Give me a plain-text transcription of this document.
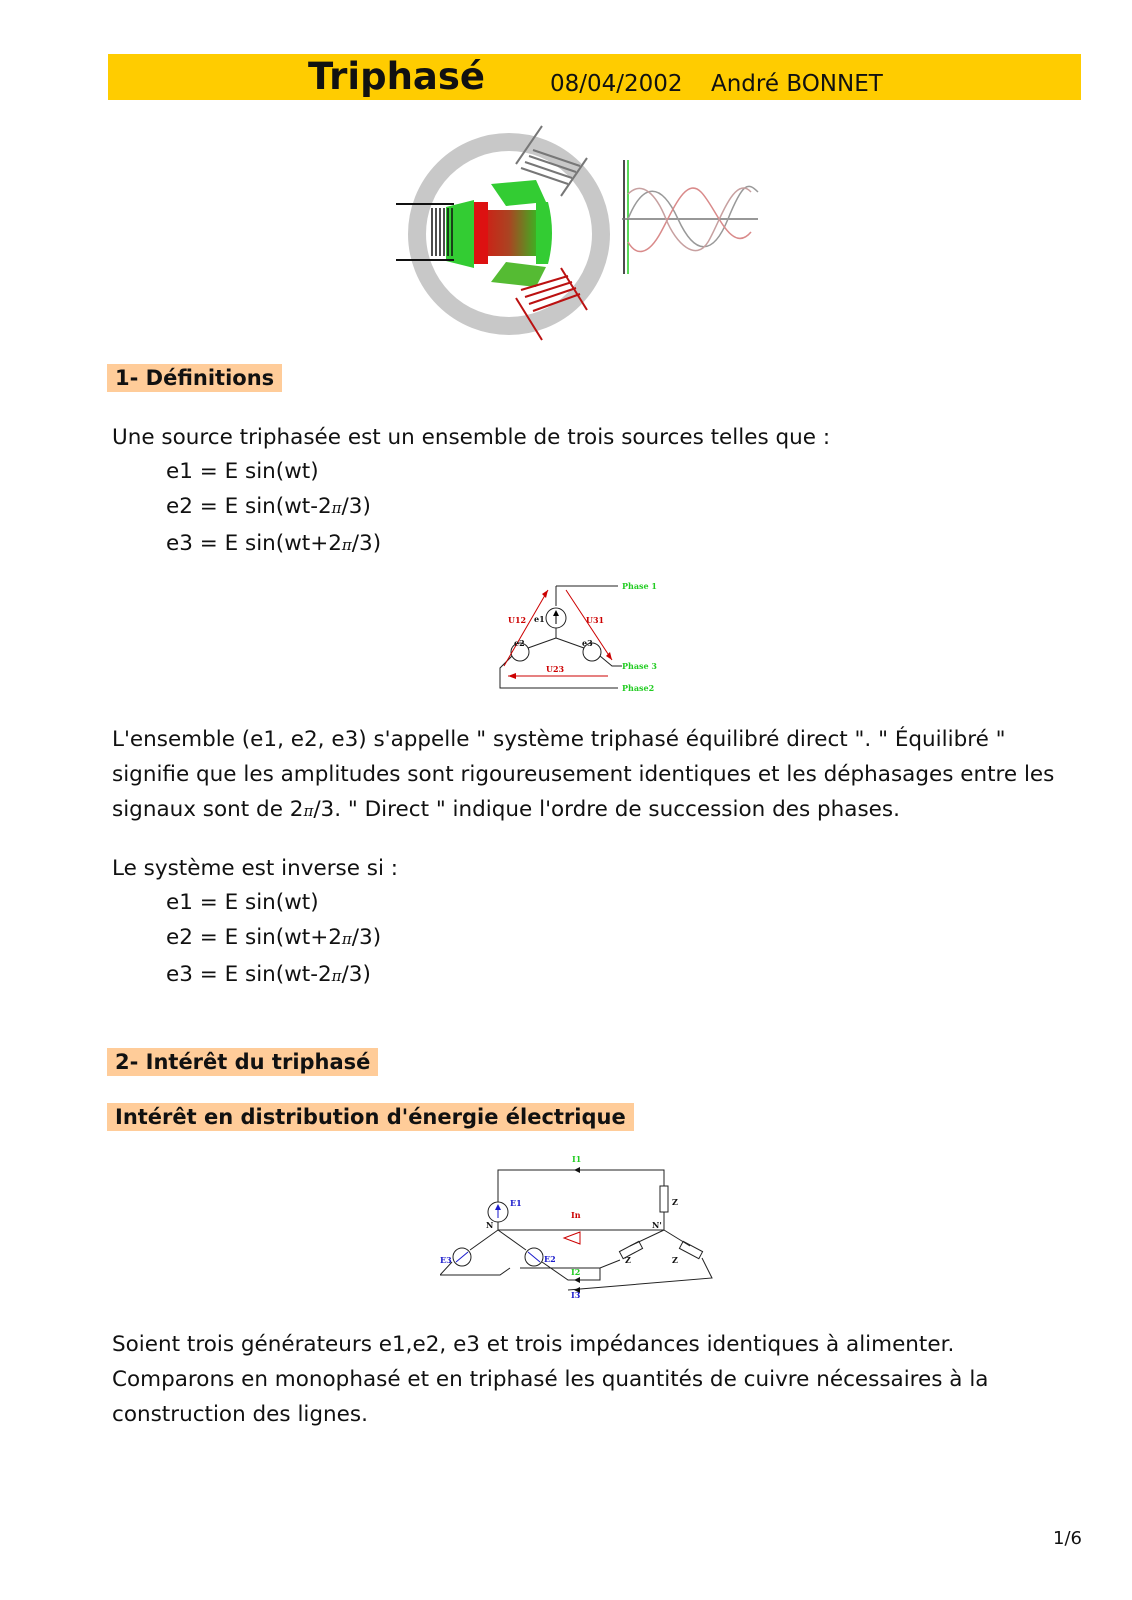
Triphasé	08/04/2002 André BONNET
1- Définitions

Une source triphasée est un ensemble de trois sources telles que :

e1 = E sin(wt)
e2 = E sin(wt-2π/3)
e3 = E sin(wt+2π/3)
Phase 1
Phase 3
Phase2
U12	U31
U23
e1
e2	e3

L'ensemble (e1, e2, e3) s'appelle " système triphasé équilibré direct ". " Équilibré " signifie que les amplitudes sont rigoureusement identiques et les déphasages entre les signaux sont de 2π/3. " Direct " indique l'ordre de succession des phases.

Le système est inverse si :

e1 = E sin(wt)
e2 = E sin(wt+2π/3)
e3 = E sin(wt-2π/3)
2- Intérêt du triphasé
Intérêt en distribution d'énergie électrique
I1
I2
I3
In
E1
E2
E3
N	N'
Z
Z	Z

Soient trois générateurs e1,e2, e3 et trois impédances identiques à alimenter. Comparons en monophasé et en triphasé les quantités de cuivre nécessaires à la construction des lignes.

1/6
